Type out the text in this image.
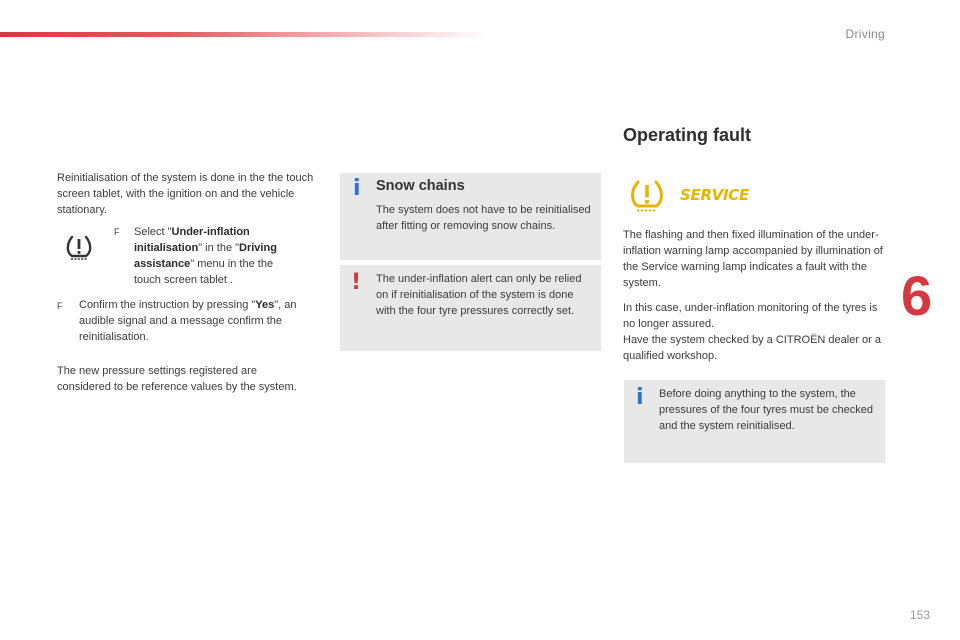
Driving
6
153

Reinitialisation of the system is done in the the touch screen tablet, with the ignition on and the vehicle stationary.

F Select "Under-inflation initialisation" in the "Driving assistance" menu in the the touch screen tablet .
F Confirm the instruction by pressing "Yes", an audible signal and a message confirm the reinitialisation.

The new pressure settings registered are considered to be reference values by the system.

i Snow chains

The system does not have to be reinitialised after fitting or removing snow chains.

! The under-inflation alert can only be relied on if reinitialisation of the system is done with the four tyre pressures correctly set.

Operating fault
SERVICE

The flashing and then fixed illumination of the under-inflation warning lamp accompanied by illumination of the Service warning lamp indicates a fault with the system.

In this case, under-inflation monitoring of the tyres is no longer assured.

Have the system checked by a CITROËN dealer or a qualified workshop.

i Before doing anything to the system, the pressures of the four tyres must be checked and the system reinitialised.
